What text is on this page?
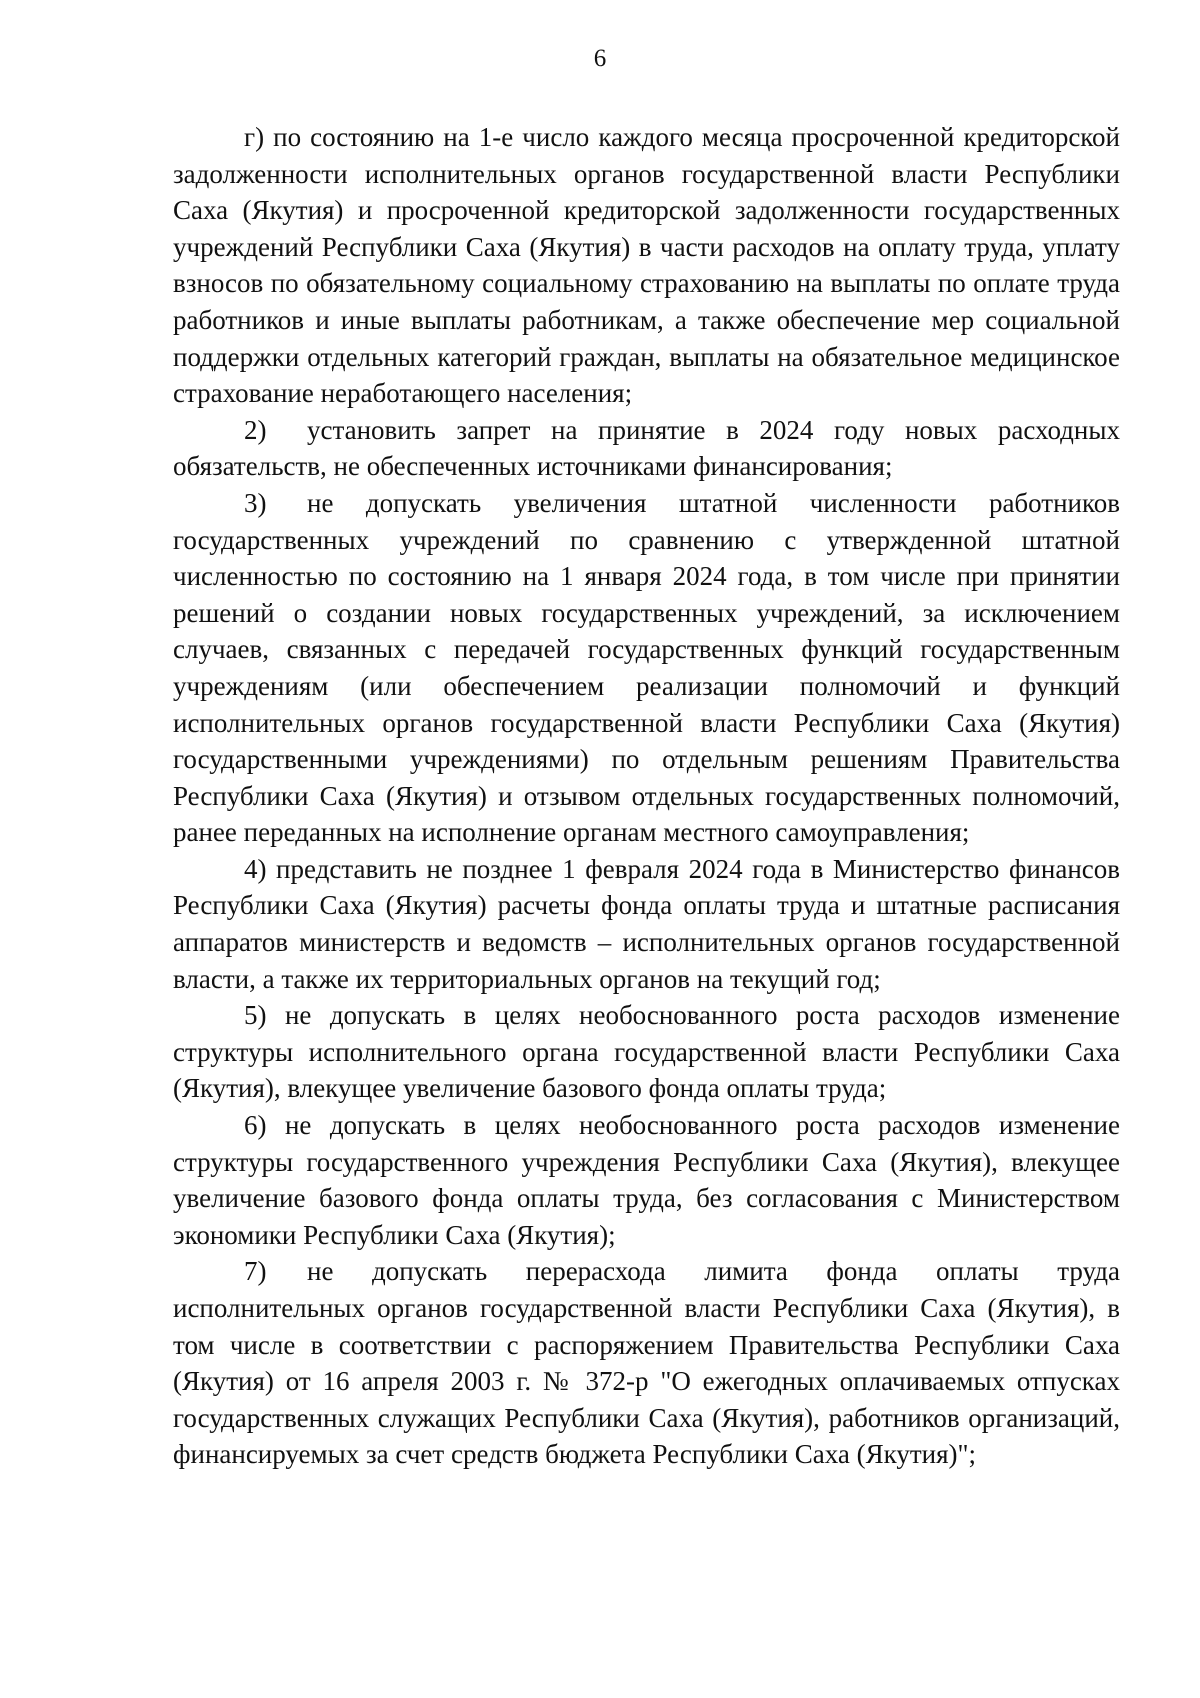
6

г) по состоянию на 1-е число каждого месяца просроченной кредиторской задолженности исполнительных органов государственной власти Республики Саха (Якутия) и просроченной кредиторской задолженности государственных учреждений Республики Саха (Якутия) в части расходов на оплату труда, уплату взносов по обязательному социальному страхованию на выплаты по оплате труда работников и иные выплаты работникам, а также обеспечение мер социальной поддержки отдельных категорий граждан, выплаты на обязательное медицинское страхование неработающего населения;

2)  установить запрет на принятие в 2024 году новых расходных обязательств, не обеспеченных источниками финансирования;

3)  не допускать увеличения штатной численности работников государственных учреждений по сравнению с утвержденной штатной численностью по состоянию на 1 января 2024 года, в том числе при принятии решений о создании новых государственных учреждений, за исключением случаев, связанных с передачей государственных функций государственным учреждениям (или обеспечением реализации полномочий и функций исполнительных органов государственной власти Республики Саха (Якутия) государственными учреждениями) по отдельным решениям Правительства Республики Саха (Якутия) и отзывом отдельных государственных полномочий, ранее переданных на исполнение органам местного самоуправления;

4) представить не позднее 1 февраля 2024 года в Министерство финансов Республики Саха (Якутия) расчеты фонда оплаты труда и штатные расписания аппаратов министерств и ведомств – исполнительных органов государственной власти, а также их территориальных органов на текущий год;

5) не допускать в целях необоснованного роста расходов изменение структуры исполнительного органа государственной власти Республики Саха (Якутия), влекущее увеличение базового фонда оплаты труда;

6) не допускать в целях необоснованного роста расходов изменение структуры государственного учреждения Республики Саха (Якутия), влекущее увеличение базового фонда оплаты труда, без согласования с Министерством экономики Республики Саха (Якутия);

7)  не допускать перерасхода лимита фонда оплаты труда исполнительных органов государственной власти Республики Саха (Якутия), в том числе в соответствии с распоряжением Правительства Республики Саха (Якутия) от 16 апреля 2003 г. № 372-р "О ежегодных оплачиваемых отпусках государственных служащих Республики Саха (Якутия), работников организаций, финансируемых за счет средств бюджета Республики Саха (Якутия)";
